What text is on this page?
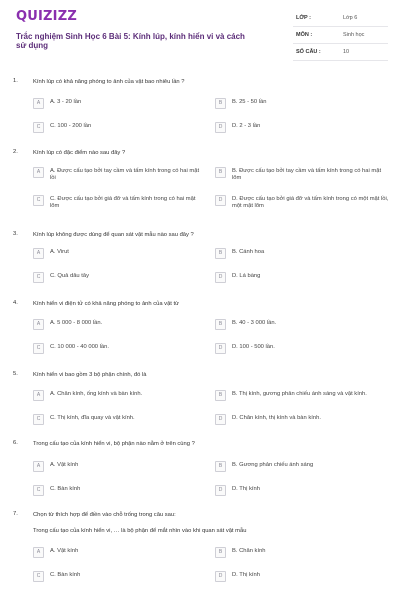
QUIZIZZ
Trắc nghiệm Sinh Học 6 Bài 5: Kính lúp, kính hiển vi và cách sử dụng
LỚP :	Lớp 6
MÔN :	Sinh học
SỐ CÂU :	10
1.	Kính lúp có khả năng phóng to ảnh của vật bao nhiêu lần ?
A	A. 3 - 20 lần	B	B. 25 - 50 lần
C	C. 100 - 200 lần	D	D. 2 - 3 lần
2.	Kính lúp có đặc điểm nào sau đây ?
A	A. Được cấu tạo bởi tay cầm và tấm kính trong có hai mặt lồi
B	B. Được cấu tạo bởi tay cầm và tấm kính trong có hai mặt lõm
C	C. Được cấu tạo bởi giá đỡ và tấm kính trong có hai mặt lõm
D	D. Được cấu tạo bởi giá đỡ và tấm kính trong có một mặt lồi, một mặt lõm
3.	Kính lúp không được dùng để quan sát vật mẫu nào sau đây ?
A	A. Virut	B	B. Cánh hoa
C	C. Quả dâu tây	D	D. Lá bàng
4.	Kính hiển vi điện tử có khả năng phóng to ảnh của vật từ
A	A. 5 000 - 8 000 lần.	B	B. 40 - 3 000 lần.
C	C. 10 000 - 40 000 lần.	D	D. 100 - 500 lần.
5.	Kính hiển vi bao gồm 3 bộ phận chính, đó là
A	A. Chân kính, ống kính và bàn kính.	B	B. Thị kính, gương phản chiếu ánh sáng và vật kính.
C	C. Thị kính, đĩa quay và vật kính.	D	D. Chân kính, thị kính và bàn kính.
6.	Trong cấu tạo của kính hiển vi, bộ phận nào nằm ở trên cùng ?
A	A. Vật kính	B	B. Gương phản chiếu ánh sáng
C	C. Bàn kính	D	D. Thị kính
7.	Chọn từ thích hợp để điền vào chỗ trống trong câu sau:
Trong cấu tạo của kính hiển vi, … là bộ phận để mắt nhìn vào khi quan sát vật mẫu
A	A. Vật kính	B	B. Chân kính
C	C. Bàn kính	D	D. Thị kính
